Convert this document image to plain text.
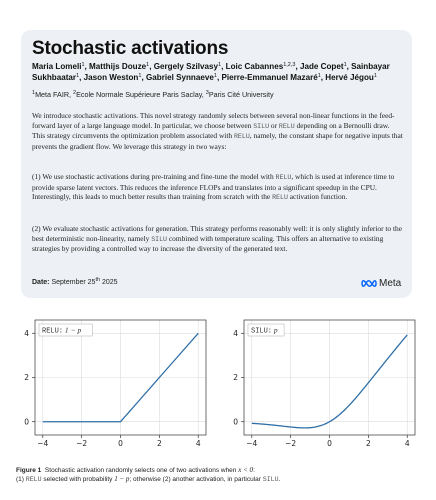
Stochastic activations
Maria Lomeli$^1$, Matthijs Douze$^1$, Gergely Szilvasy$^1$, Loic Cabannes$^{1,2,3}$, Jade Copet$^1$, Sainbayar Sukhbaatar$^1$, Jason Weston$^1$, Gabriel Synnaeve$^1$, Pierre-Emmanuel Mazaré$^1$, Hervé Jégou$^1$
$^1$Meta FAIR, $^2$Ecole Normale Supérieure Paris Saclay, $^3$Paris Cité University

We introduce stochastic activations. This novel strategy randomly selects between several non-linear functions in the feed-forward layer of a large language model. In particular, we choose between SILU or RELU depending on a Bernoulli draw. This strategy circumvents the optimization problem associated with RELU, namely, the constant shape for negative inputs that prevents the gradient flow. We leverage this strategy in two ways:

(1) We use stochastic activations during pre-training and fine-tune the model with RELU, which is used at inference time to provide sparse latent vectors. This reduces the inference FLOPs and translates into a significant speedup in the CPU. Interestingly, this leads to much better results than training from scratch with the RELU activation function.

(2) We evaluate stochastic activations for generation. This strategy performs reasonably well: it is only slightly inferior to the best deterministic non-linearity, namely SILU combined with temperature scaling. This offers an alternative to existing strategies by providing a controlled way to increase the diversity of the generated text.

Date: September 25th 2025	Meta
−4	−2	0	2	4
0
2
4 RELU: 1 − p
−4	−2	0	2	4
0
2
4 SILU: p
Figure 1 Stochastic activation randomly selects one of two activations when x < 0:
(1) RELU selected with probability 1 − p; otherwise (2) another activation, in particular SILU.
